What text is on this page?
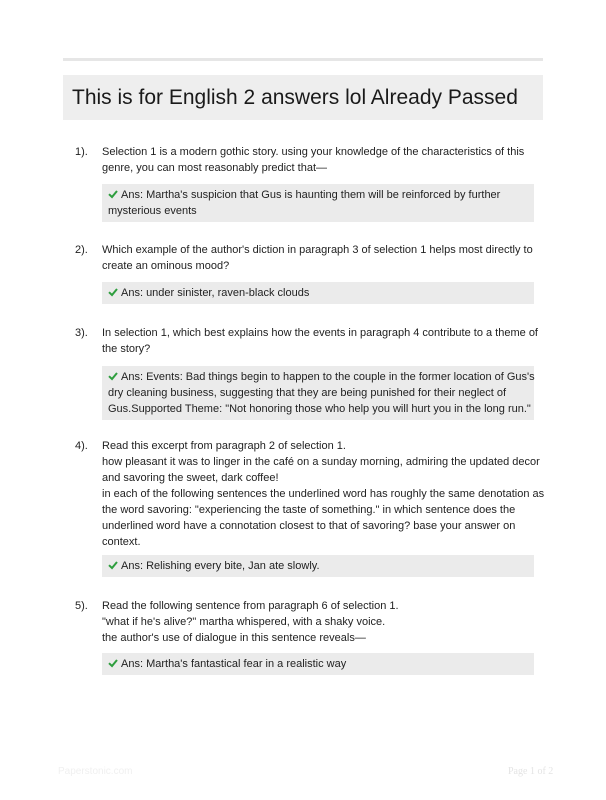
This is for English 2 answers lol Already Passed
1). Selection 1 is a modern gothic story. using your knowledge of the characteristics of this
genre, you can most reasonably predict that—
Ans: Martha's suspicion that Gus is haunting them will be reinforced by further
mysterious events
2). Which example of the author's diction in paragraph 3 of selection 1 helps most directly to
create an ominous mood?
Ans: under sinister, raven-black clouds
3). In selection 1, which best explains how the events in paragraph 4 contribute to a theme of
the story?
Ans: Events: Bad things begin to happen to the couple in the former location of Gus's
dry cleaning business, suggesting that they are being punished for their neglect of
Gus.Supported Theme: "Not honoring those who help you will hurt you in the long run."
4). Read this excerpt from paragraph 2 of selection 1.
how pleasant it was to linger in the café on a sunday morning, admiring the updated decor
and savoring the sweet, dark coffee!
in each of the following sentences the underlined word has roughly the same denotation as
the word savoring: "experiencing the taste of something." in which sentence does the
underlined word have a connotation closest to that of savoring? base your answer on
context.
Ans: Relishing every bite, Jan ate slowly.
5). Read the following sentence from paragraph 6 of selection 1.
"what if he's alive?" martha whispered, with a shaky voice.
the author's use of dialogue in this sentence reveals—
Ans: Martha's fantastical fear in a realistic way
Paperstonic.com	Page 1 of 2
